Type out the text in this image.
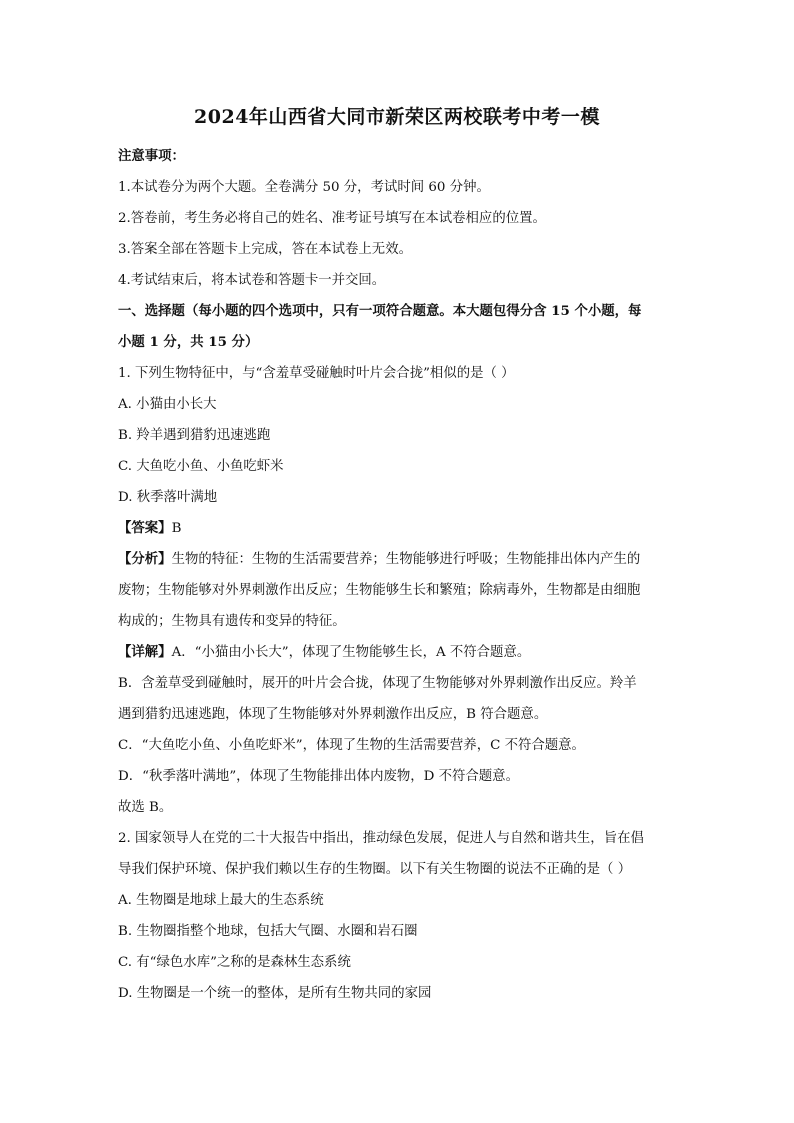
2024年山西省大同市新荣区两校联考中考一模
注意事项：
1.本试卷分为两个大题。全卷满分 50 分，考试时间 60 分钟。
2.答卷前，考生务必将自己的姓名、准考证号填写在本试卷相应的位置。
3.答案全部在答题卡上完成，答在本试卷上无效。
4.考试结束后，将本试卷和答题卡一并交回。
一、选择题（每小题的四个选项中，只有一项符合题意。本大题包得分含 15 个小题，每
小题 1 分，共 15 分）
1. 下列生物特征中，与“含羞草受碰触时叶片会合拢”相似的是（ ）
A. 小猫由小长大
B. 羚羊遇到猎豹迅速逃跑
C. 大鱼吃小鱼、小鱼吃虾米
D. 秋季落叶满地
【答案】B
【分析】生物的特征：生物的生活需要营养；生物能够进行呼吸；生物能排出体内产生的
废物；生物能够对外界刺激作出反应；生物能够生长和繁殖；除病毒外，生物都是由细胞
构成的；生物具有遗传和变异的特征。
【详解】A．“小猫由小长大”，体现了生物能够生长，A 不符合题意。
B．含羞草受到碰触时，展开的叶片会合拢，体现了生物能够对外界刺激作出反应。羚羊
遇到猎豹迅速逃跑，体现了生物能够对外界刺激作出反应，B 符合题意。
C．“大鱼吃小鱼、小鱼吃虾米”，体现了生物的生活需要营养，C 不符合题意。
D．“秋季落叶满地”，体现了生物能排出体内废物，D 不符合题意。
故选 B。
2. 国家领导人在党的二十大报告中指出，推动绿色发展，促进人与自然和谐共生，旨在倡
导我们保护环境、保护我们赖以生存的生物圈。以下有关生物圈的说法不正确的是（ ）
A. 生物圈是地球上最大的生态系统
B. 生物圈指整个地球，包括大气圈、水圈和岩石圈
C. 有“绿色水库”之称的是森林生态系统
D. 生物圈是一个统一的整体，是所有生物共同的家园
